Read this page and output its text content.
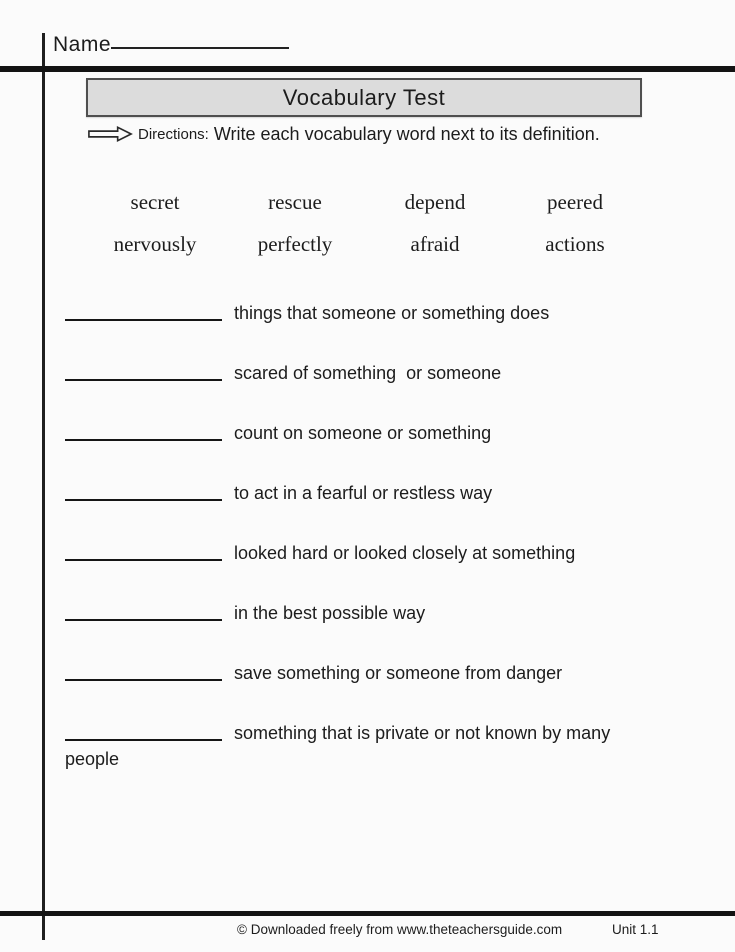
Name
Vocabulary Test
Directions: Write each vocabulary word next to its definition.
secret	rescue	depend	peered
nervously	perfectly	afraid	actions
things that someone or something does
scared of something  or someone
count on someone or something
to act in a fearful or restless way
looked hard or looked closely at something
in the best possible way
save something or someone from danger
something that is private or not known by many people
© Downloaded freely from www.theteachersguide.com	Unit 1.1
